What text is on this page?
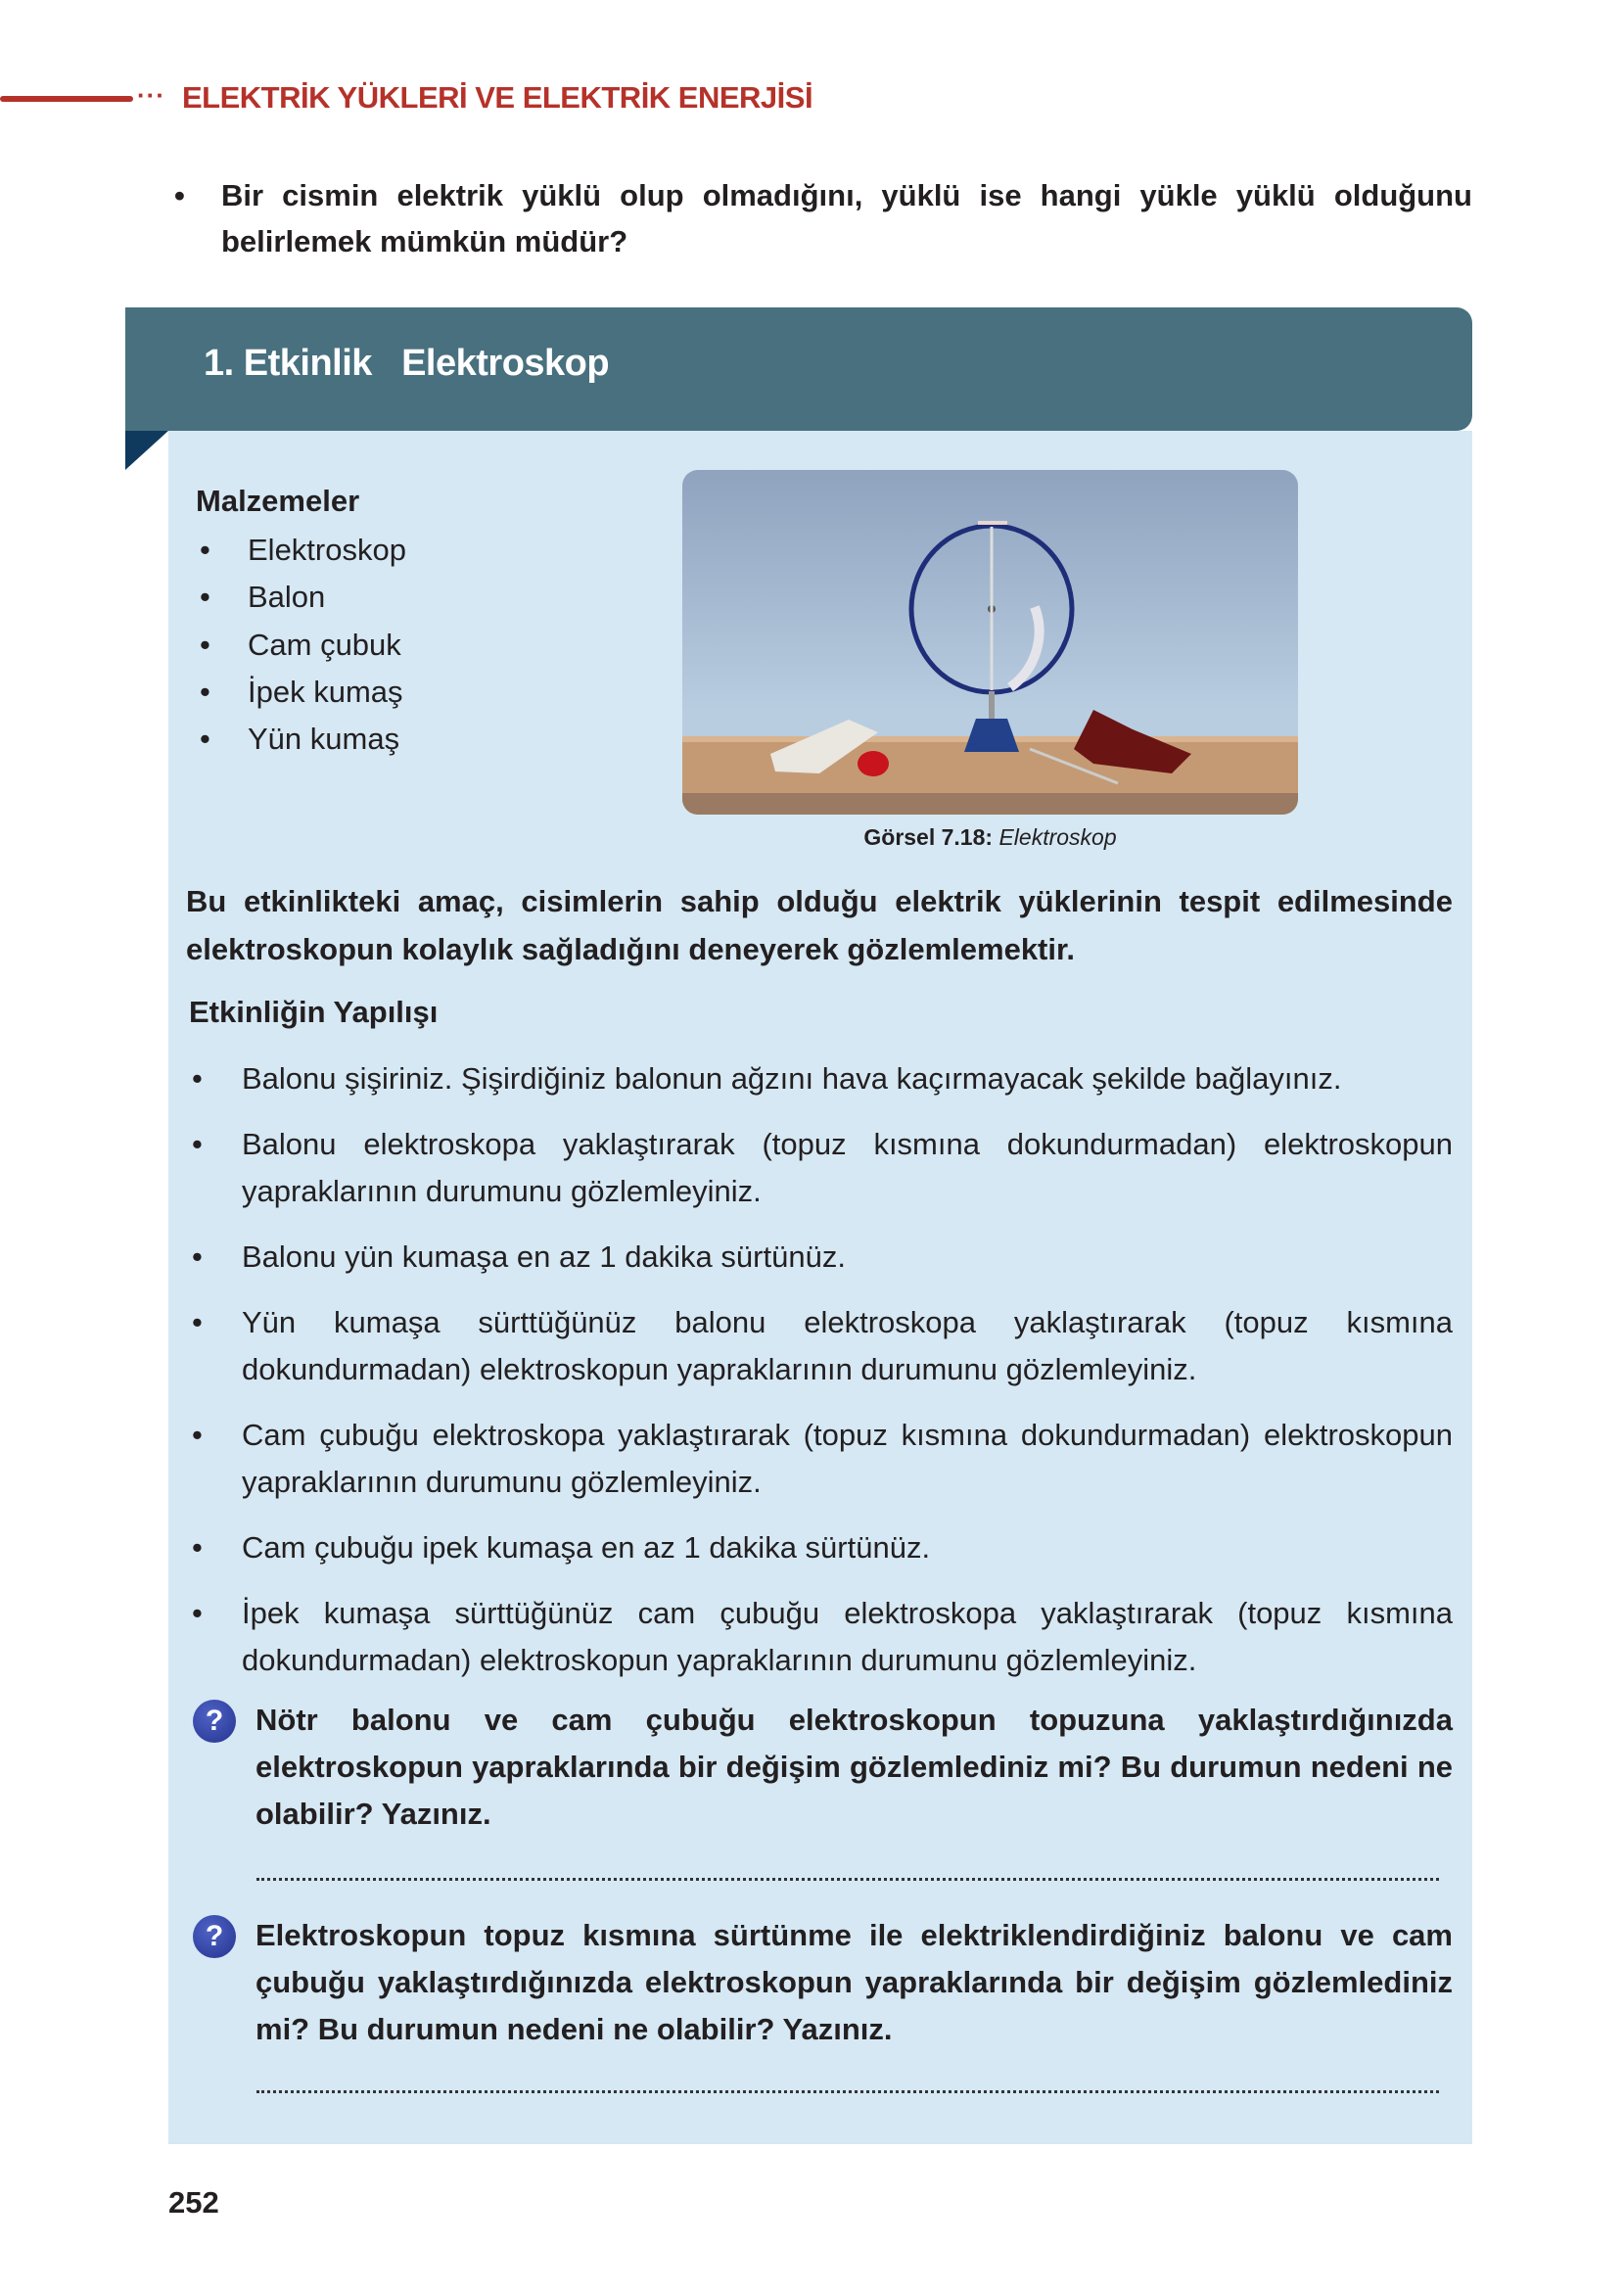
··· ELEKTRİK YÜKLERİ VE ELEKTRİK ENERJİSİ
•	Bir cismin elektrik yüklü olup olmadığını, yüklü ise hangi yükle yüklü olduğunu belirlemek mümkün müdür?
1. Etkinlik   Elektroskop
Malzemeler
• Elektroskop
• Balon
• Cam çubuk
• İpek kumaş
• Yün kumaş
Görsel 7.18: Elektroskop
Bu etkinlikteki amaç, cisimlerin sahip olduğu elektrik yüklerinin tespit edilmesinde elektroskopun kolaylık sağladığını deneyerek gözlemlemektir.
Etkinliğin Yapılışı
•	Balonu şişiriniz. Şişirdiğiniz balonun ağzını hava kaçırmayacak şekilde bağlayınız.
•	Balonu elektroskopa yaklaştırarak (topuz kısmına dokundurmadan) elektroskopun yapraklarının durumunu gözlemleyiniz.
•	Balonu yün kumaşa en az 1 dakika sürtünüz.
•	Yün kumaşa sürttüğünüz balonu elektroskopa yaklaştırarak (topuz kısmına dokundurmadan) elektroskopun yapraklarının durumunu gözlemleyiniz.
•	Cam çubuğu elektroskopa yaklaştırarak (topuz kısmına dokundurmadan) elektroskopun yapraklarının durumunu gözlemleyiniz.
•	Cam çubuğu ipek kumaşa en az 1 dakika sürtünüz.
•	İpek kumaşa sürttüğünüz cam çubuğu elektroskopa yaklaştırarak (topuz kısmına dokundurmadan) elektroskopun yapraklarının durumunu gözlemleyiniz.
?	Nötr balonu ve cam çubuğu elektroskopun topuzuna yaklaştırdığınızda elektroskopun yapraklarında bir değişim gözlemlediniz mi? Bu durumun nedeni ne olabilir? Yazınız.
?	Elektroskopun topuz kısmına sürtünme ile elektriklendirdiğiniz balonu ve cam çubuğu yaklaştırdığınızda elektroskopun yapraklarında bir değişim gözlemlediniz mi? Bu durumun nedeni ne olabilir? Yazınız.
252
